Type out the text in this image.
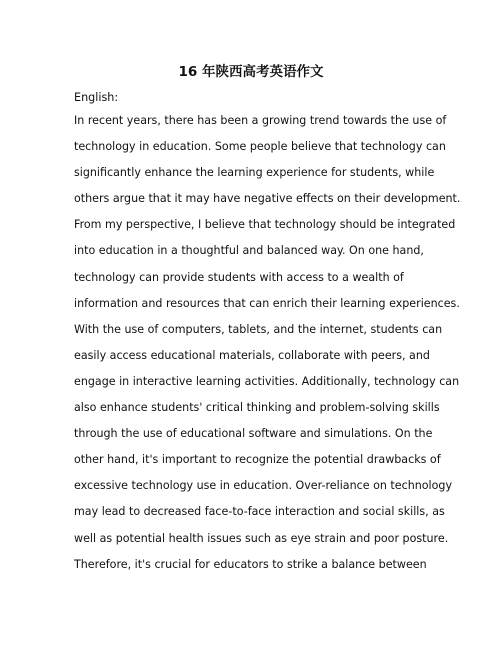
16 年陕西高考英语作文

English:

In recent years, there has been a growing trend towards the use of
technology in education. Some people believe that technology can
significantly enhance the learning experience for students, while
others argue that it may have negative effects on their development.
From my perspective, I believe that technology should be integrated
into education in a thoughtful and balanced way. On one hand,
technology can provide students with access to a wealth of
information and resources that can enrich their learning experiences.
With the use of computers, tablets, and the internet, students can
easily access educational materials, collaborate with peers, and
engage in interactive learning activities. Additionally, technology can
also enhance students' critical thinking and problem-solving skills
through the use of educational software and simulations. On the
other hand, it's important to recognize the potential drawbacks of
excessive technology use in education. Over-reliance on technology
may lead to decreased face-to-face interaction and social skills, as
well as potential health issues such as eye strain and poor posture.
Therefore, it's crucial for educators to strike a balance between
